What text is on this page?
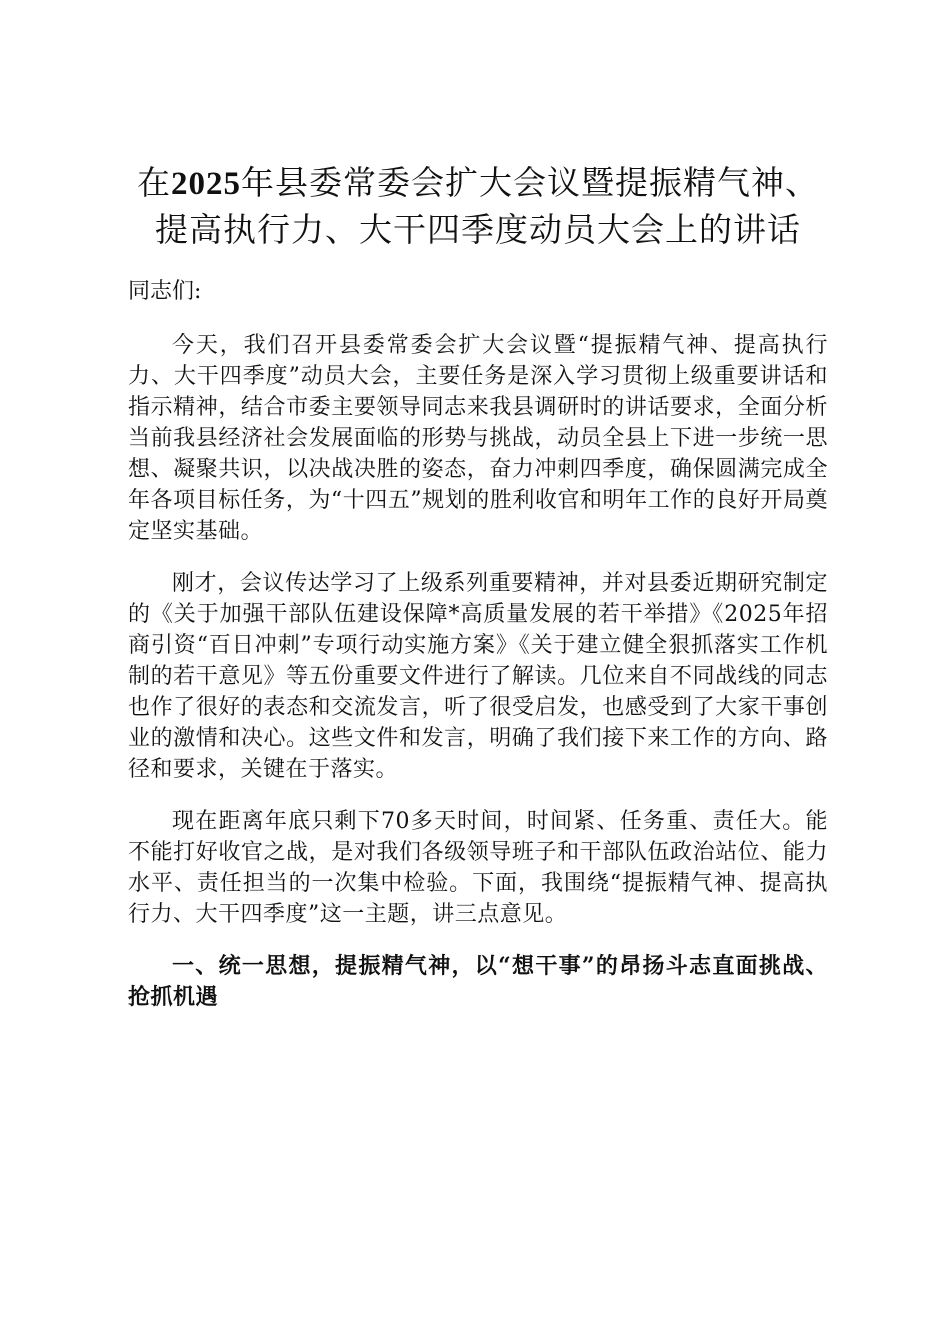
在2025年县委常委会扩大会议暨提振精气神、提高执行力、大干四季度动员大会上的讲话

同志们:

今天，我们召开县委常委会扩大会议暨“提振精气神、提高执行力、大干四季度”动员大会，主要任务是深入学习贯彻上级重要讲话和指示精神，结合市委主要领导同志来我县调研时的讲话要求，全面分析当前我县经济社会发展面临的形势与挑战，动员全县上下进一步统一思想、凝聚共识，以决战决胜的姿态，奋力冲刺四季度，确保圆满完成全年各项目标任务，为“十四五”规划的胜利收官和明年工作的良好开局奠定坚实基础。

刚才，会议传达学习了上级系列重要精神，并对县委近期研究制定的《关于加强干部队伍建设保障*高质量发展的若干举措》《2025年招商引资“百日冲刺”专项行动实施方案》《关于建立健全狠抓落实工作机制的若干意见》等五份重要文件进行了解读。几位来自不同战线的同志也作了很好的表态和交流发言，听了很受启发，也感受到了大家干事创业的激情和决心。这些文件和发言，明确了我们接下来工作的方向、路径和要求，关键在于落实。

现在距离年底只剩下70多天时间，时间紧、任务重、责任大。能不能打好收官之战，是对我们各级领导班子和干部队伍政治站位、能力水平、责任担当的一次集中检验。下面，我围绕“提振精气神、提高执行力、大干四季度”这一主题，讲三点意见。

一、统一思想，提振精气神，以“想干事”的昂扬斗志直面挑战、抢抓机遇
